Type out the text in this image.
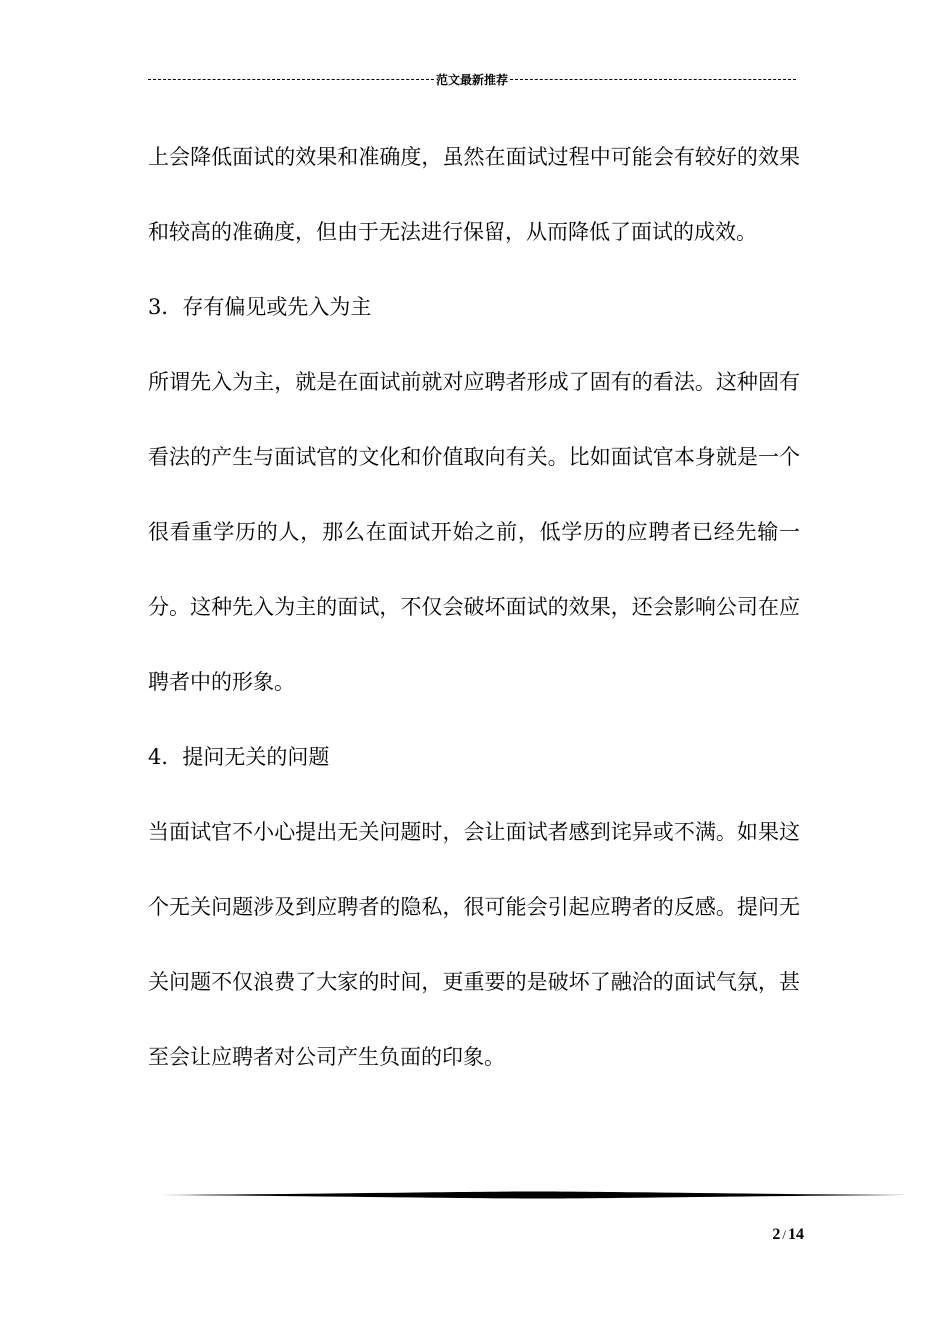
范文最新推荐

上会降低面试的效果和准确度，虽然在面试过程中可能会有较好的效果和较高的准确度，但由于无法进行保留，从而降低了面试的成效。

3．存有偏见或先入为主

所谓先入为主，就是在面试前就对应聘者形成了固有的看法。这种固有看法的产生与面试官的文化和价值取向有关。比如面试官本身就是一个很看重学历的人，那么在面试开始之前，低学历的应聘者已经先输一分。这种先入为主的面试，不仅会破坏面试的效果，还会影响公司在应聘者中的形象。

4．提问无关的问题

当面试官不小心提出无关问题时，会让面试者感到诧异或不满。如果这个无关问题涉及到应聘者的隐私，很可能会引起应聘者的反感。提问无关问题不仅浪费了大家的时间，更重要的是破坏了融洽的面试气氛，甚至会让应聘者对公司产生负面的印象。

2 / 14
